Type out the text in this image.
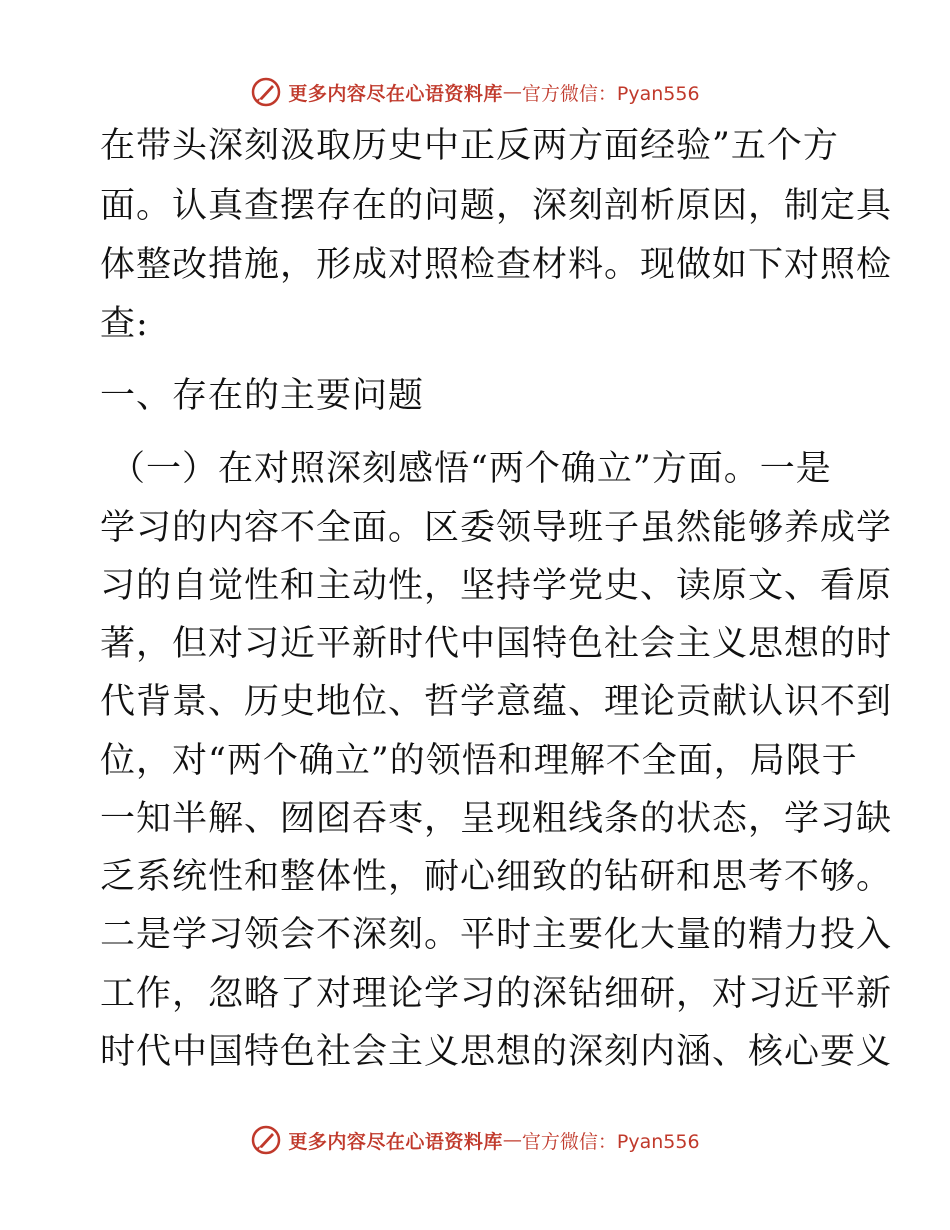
更多内容尽在心语资料库 — 官方微信：Pyan556
在带头深刻汲取历史中正反两方面经验”五个方
面。认真查摆存在的问题，深刻剖析原因，制定具
体整改措施，形成对照检查材料。现做如下对照检
查:
一、存在的主要问题
（一）在对照深刻感悟“两个确立”方面。一是
学习的内容不全面。区委领导班子虽然能够养成学
习的自觉性和主动性，坚持学党史、读原文、看原
著，但对习近平新时代中国特色社会主义思想的时
代背景、历史地位、哲学意蕴、理论贡献认识不到
位，对“两个确立”的领悟和理解不全面，局限于
一知半解、囫囵吞枣，呈现粗线条的状态，学习缺
乏系统性和整体性，耐心细致的钻研和思考不够。
二是学习领会不深刻。平时主要化大量的精力投入
工作，忽略了对理论学习的深钻细研，对习近平新
时代中国特色社会主义思想的深刻内涵、核心要义
更多内容尽在心语资料库 — 官方微信：Pyan556
